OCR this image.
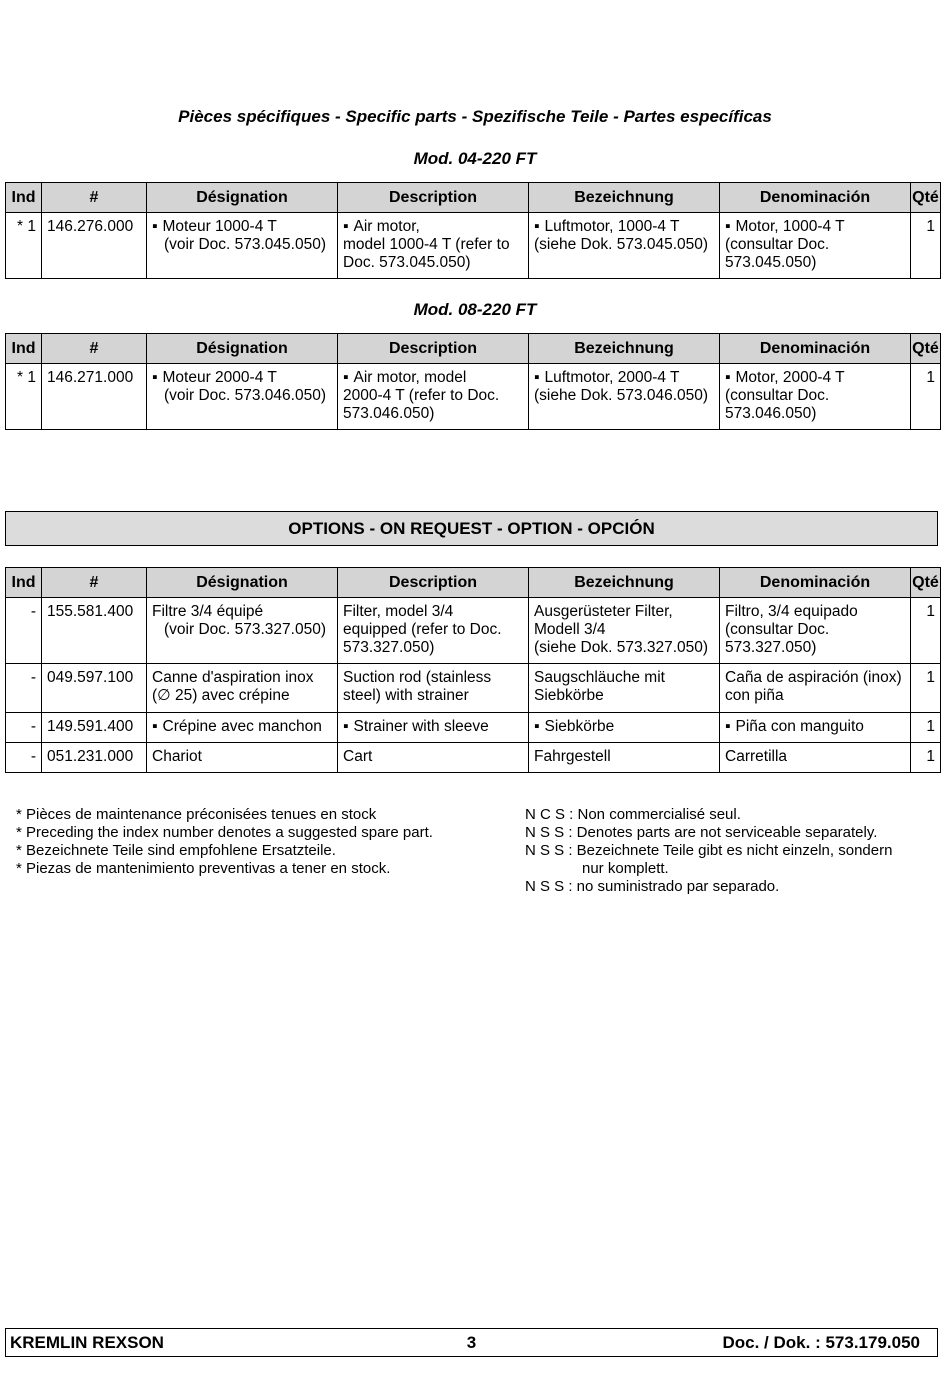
Pièces spécifiques - Specific parts - Spezifische Teile - Partes específicas
Mod. 04-220 FT
Ind	#	Désignation	Description	Bezeichnung	Denominación	Qté
* 1	146.276.000	▪ Moteur 1000-4 T
(voir Doc. 573.045.050)	▪ Air motor,
model 1000-4 T (refer to
Doc. 573.045.050)	▪ Luftmotor, 1000-4 T
(siehe Dok. 573.045.050)	▪ Motor, 1000-4 T
(consultar Doc.
573.045.050)	1
Mod. 08-220 FT
Ind	#	Désignation	Description	Bezeichnung	Denominación	Qté
* 1	146.271.000	▪ Moteur 2000-4 T
(voir Doc. 573.046.050)	▪ Air motor, model
2000-4 T (refer to Doc.
573.046.050)	▪ Luftmotor, 2000-4 T
(siehe Dok. 573.046.050)	▪ Motor, 2000-4 T
(consultar Doc.
573.046.050)	1
OPTIONS - ON REQUEST - OPTION - OPCIÓN
Ind	#	Désignation	Description	Bezeichnung	Denominación	Qté
-	155.581.400	Filtre 3/4 équipé
(voir Doc. 573.327.050)	Filter, model 3/4
equipped (refer to Doc.
573.327.050)	Ausgerüsteter Filter,
Modell 3/4
(siehe Dok. 573.327.050)	Filtro, 3/4 equipado
(consultar Doc.
573.327.050)	1
-	049.597.100	Canne d'aspiration inox
(∅ 25) avec crépine	Suction rod (stainless
steel) with strainer	Saugschläuche mit
Siebkörbe	Caña de aspiración (inox)
con piña	1
-	149.591.400	▪ Crépine avec manchon	▪ Strainer with sleeve	▪ Siebkörbe	▪ Piña con manguito	1
-	051.231.000	Chariot	Cart	Fahrgestell	Carretilla	1
* Pièces de maintenance préconisées tenues en stock
* Preceding the index number denotes a suggested spare part.
* Bezeichnete Teile sind empfohlene Ersatzteile.
* Piezas de mantenimiento preventivas a tener en stock.
N C S : Non commercialisé seul.
N S S : Denotes parts are not serviceable separately.
N S S : Bezeichnete Teile gibt es nicht einzeln, sondern
nur komplett.
N S S : no suministrado par separado.
KREMLIN REXSON	3	Doc. / Dok. : 573.179.050
